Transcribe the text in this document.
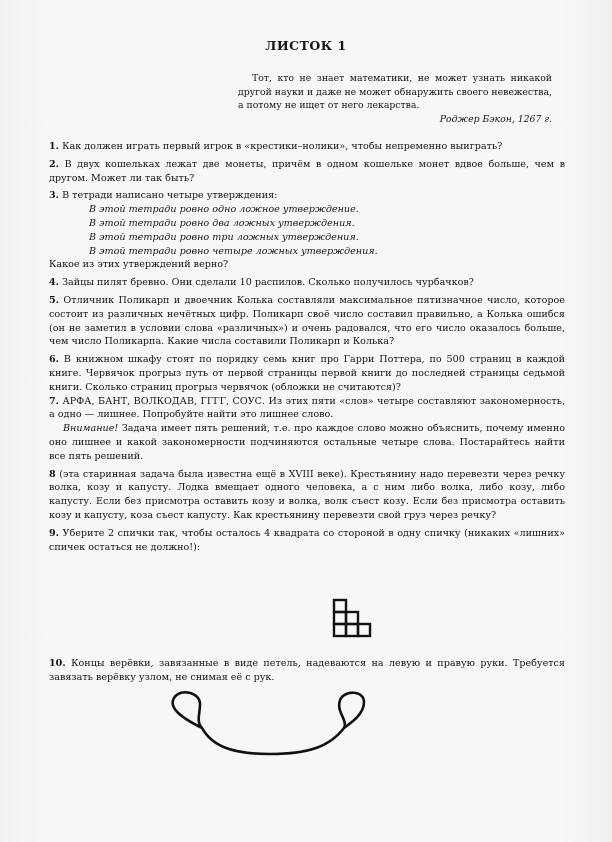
ЛИСТОК 1

Тот, кто не знает математики, не может узнать никакой другой науки и даже не может обнаружить своего невежества, а потому не ищет от него лекарства.

Роджер Бэкон, 1267 г.

1. Как должен играть первый игрок в «крестики–нолики», чтобы непременно выиграть?

2. В двух кошельках лежат две монеты, причём в одном кошельке монет вдвое больше, чем в другом. Может ли так быть?

3. В тетради написано четыре утверждения:
В этой тетради ровно одно ложное утверждение.
В этой тетради ровно два ложных утверждения.
В этой тетради ровно три ложных утверждения.
В этой тетради ровно четыре ложных утверждения.
Какое из этих утверждений верно?

4. Зайцы пилят бревно. Они сделали 10 распилов. Сколько получилось чурбачков?

5. Отличник Поликарп и двоечник Колька составляли максимальное пятизначное число, которое состоит из различных нечётных цифр. Поликарп своё число составил правильно, а Колька ошибся (он не заметил в условии слова «различных») и очень радовался, что его число оказалось больше, чем число Поликарпа. Какие числа составили Поликарп и Колька?

6. В книжном шкафу стоят по порядку семь книг про Гарри Поттера, по 500 страниц в каждой книге. Червячок прогрыз путь от первой страницы первой книги до последней страницы седьмой книги. Сколько страниц прогрыз червячок (обложки не считаются)?

7. АРФА, БАНТ, ВОЛКОДАВ, ГГГГ, СОУС. Из этих пяти «слов» четыре составляют закономерность, а одно — лишнее. Попробуйте найти это лишнее слово.
Внимание! Задача имеет пять решений, т.е. про каждое слово можно объяснить, почему именно оно лишнее и какой закономерности подчиняются остальные четыре слова. Постарайтесь найти все пять решений.

8 (эта старинная задача была известна ещё в XVIII веке). Крестьянину надо перевезти через речку волка, козу и капусту. Лодка вмещает одного человека, а с ним либо волка, либо козу, либо капусту. Если без присмотра оставить козу и волка, волк съест козу. Если без присмотра оставить козу и капусту, коза съест капусту. Как крестьянину перевезти свой груз через речку?

9. Уберите 2 спички так, чтобы осталось 4 квадрата со стороной в одну спичку (никаких «лишних» спичек остаться не должно!):

10. Концы верёвки, завязанные в виде петель, надеваются на левую и правую руки. Требуется завязать верёвку узлом, не снимая её с рук.
